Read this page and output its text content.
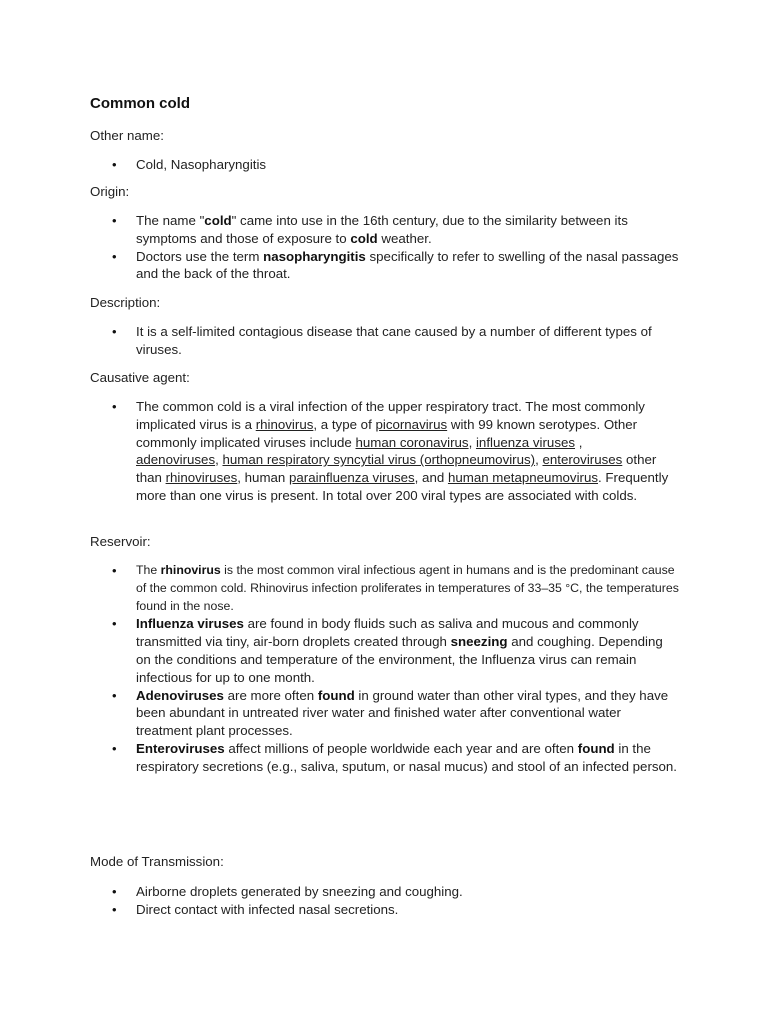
Common cold

Other name:

• Cold, Nasopharyngitis

Origin:

• The name "cold" came into use in the 16th century, due to the similarity between its symptoms and those of exposure to cold weather.
• Doctors use the term nasopharyngitis specifically to refer to swelling of the nasal passages and the back of the throat.

Description:

• It is a self-limited contagious disease that cane caused by a number of different types of viruses.

Causative agent:

• The common cold is a viral infection of the upper respiratory tract. The most commonly implicated virus is a rhinovirus, a type of picornavirus with 99 known serotypes. Other commonly implicated viruses include human coronavirus, influenza viruses ,
adenoviruses, human respiratory syncytial virus (orthopneumovirus), enteroviruses other than rhinoviruses, human parainfluenza viruses, and human metapneumovirus. Frequently more than one virus is present. In total over 200 viral types are associated with colds.

Reservoir:

• The rhinovirus is the most common viral infectious agent in humans and is the predominant cause of the common cold. Rhinovirus infection proliferates in temperatures of 33–35 °C, the temperatures found in the nose.
• Influenza viruses are found in body fluids such as saliva and mucous and commonly transmitted via tiny, air-born droplets created through sneezing and coughing. Depending on the conditions and temperature of the environment, the Influenza virus can remain infectious for up to one month.
• Adenoviruses are more often found in ground water than other viral types, and they have been abundant in untreated river water and finished water after conventional water treatment plant processes.
• Enteroviruses affect millions of people worldwide each year and are often found in the respiratory secretions (e.g., saliva, sputum, or nasal mucus) and stool of an infected person.

Mode of Transmission:

• Airborne droplets generated by sneezing and coughing.
• Direct contact with infected nasal secretions.
